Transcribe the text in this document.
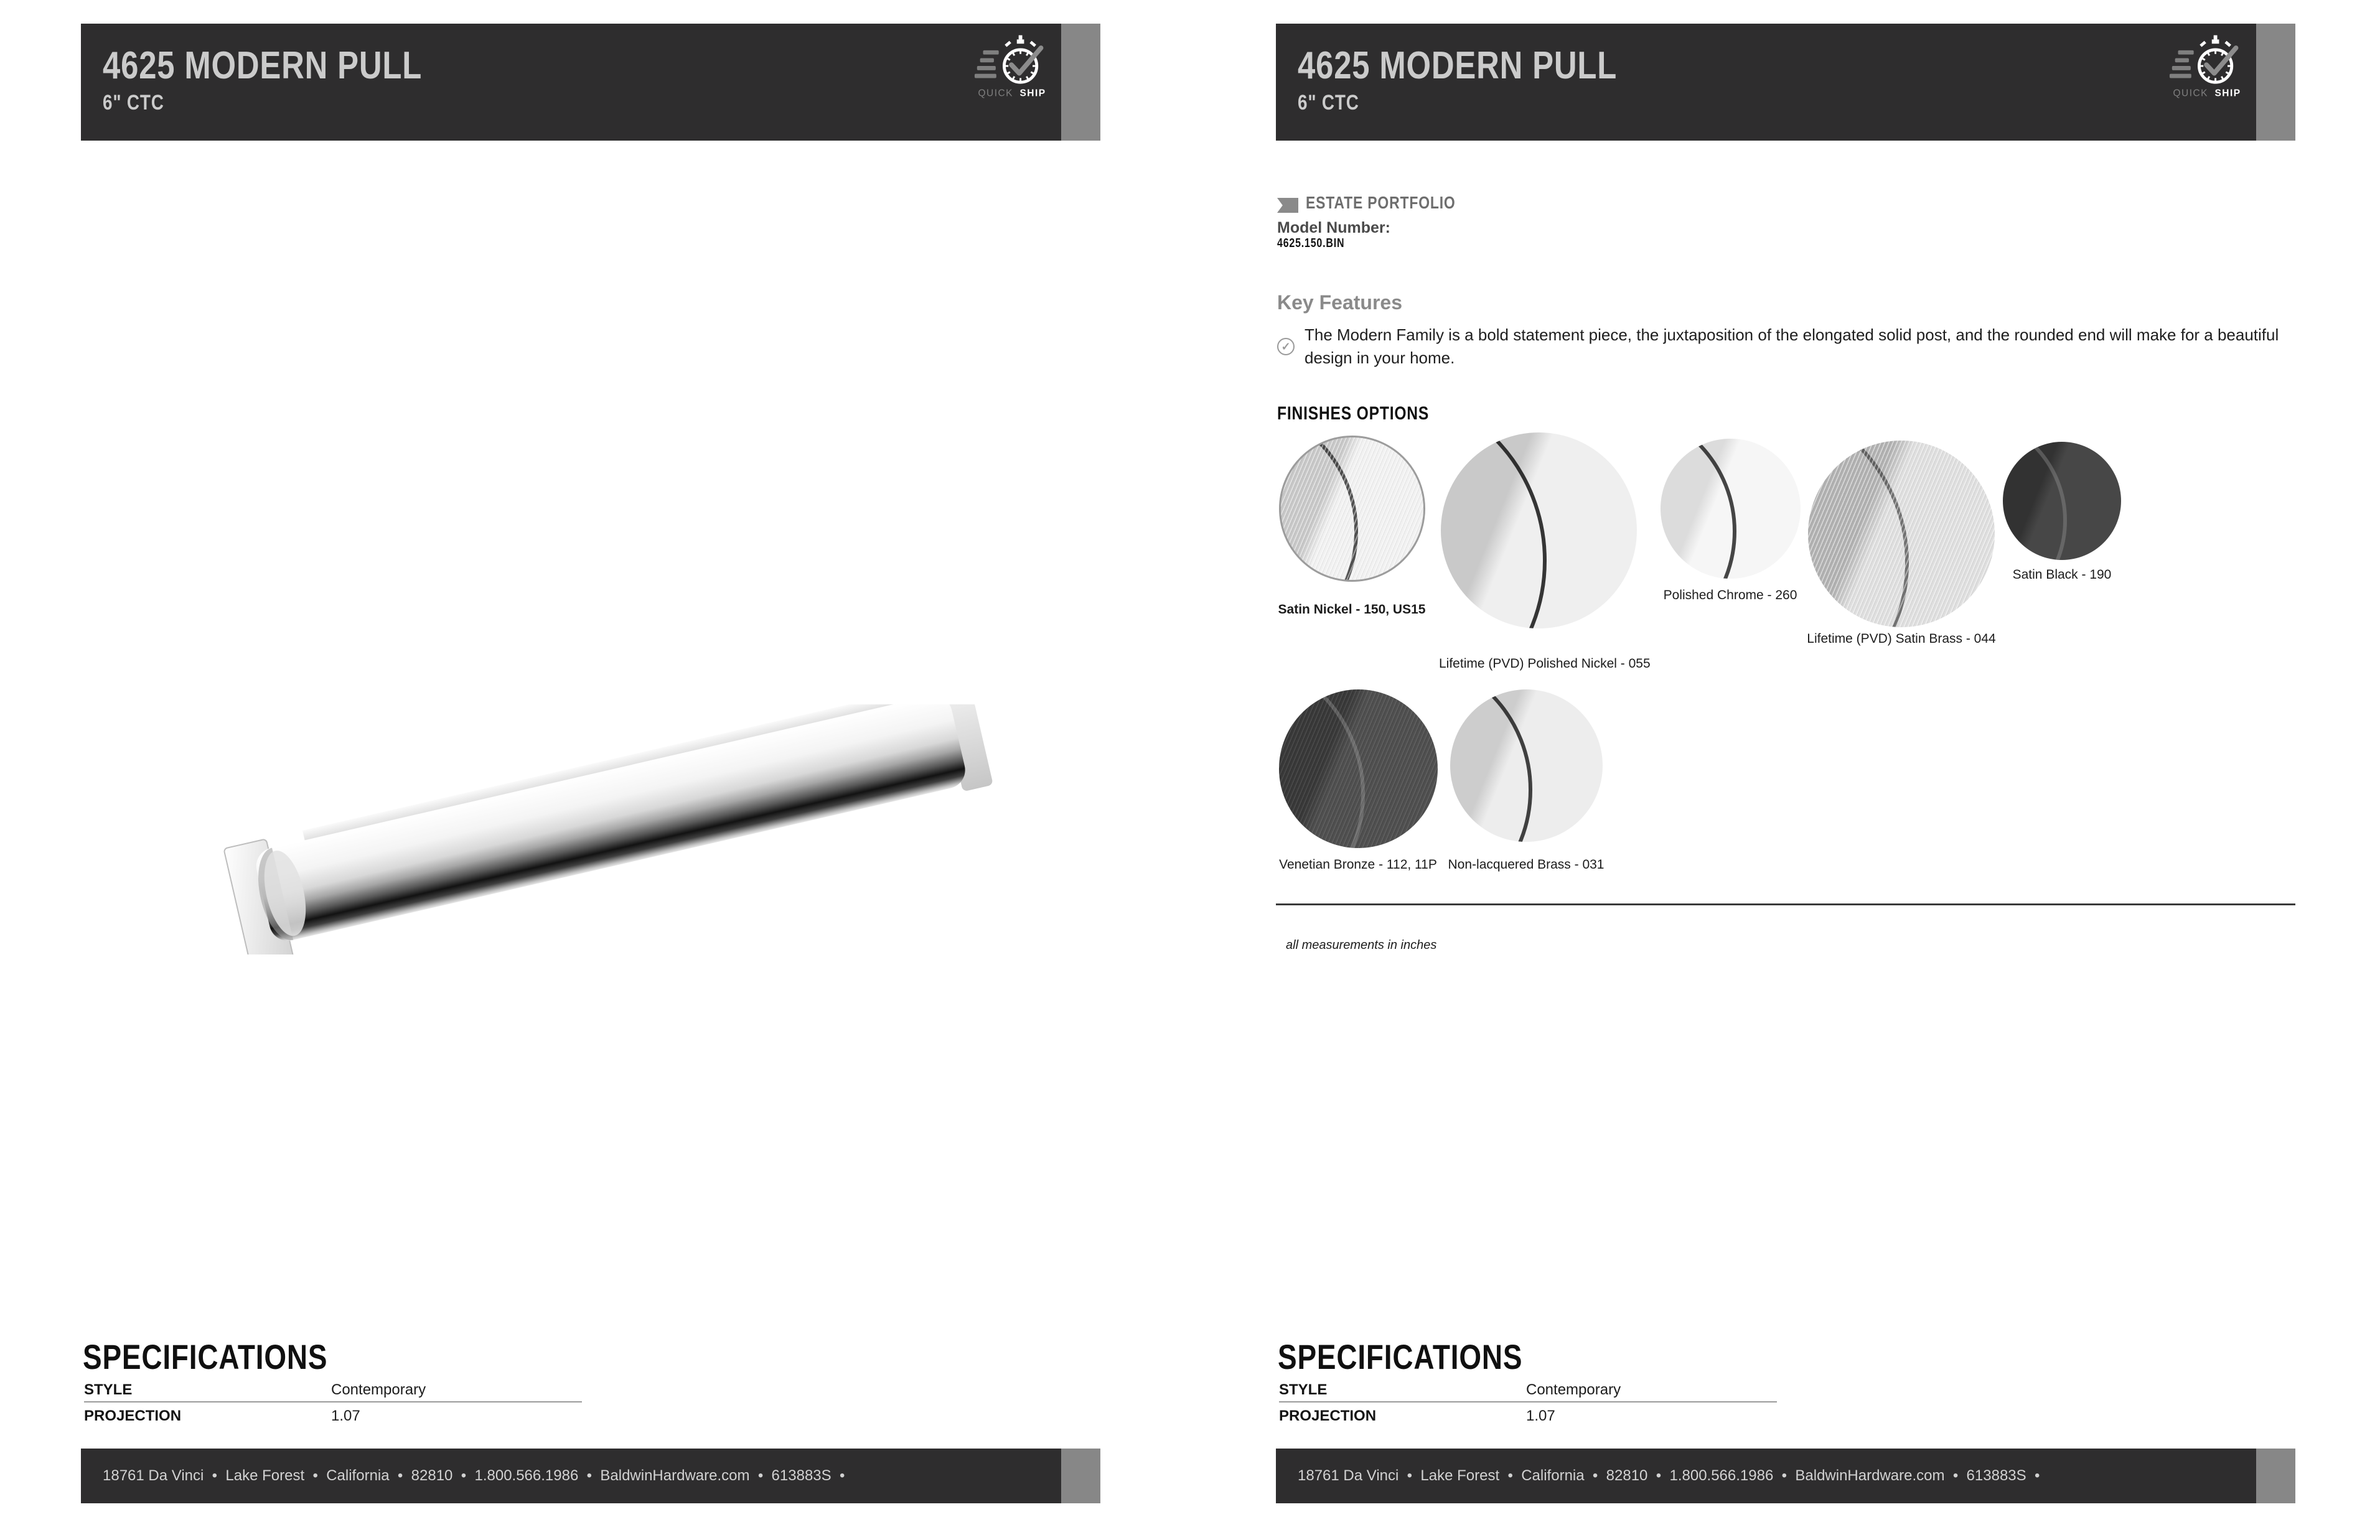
4625 MODERN PULL
6" CTC	QUICK SHIP
SPECIFICATIONS
STYLE	Contemporary
PROJECTION	1.07
18761 Da Vinci  •  Lake Forest  •  California  •  82810  •  1.800.566.1986  •  BaldwinHardware.com  •  613883S  •
4625 MODERN PULL
6" CTC	QUICK SHIP
ESTATE PORTFOLIO
Model Number:
4625.150.BIN
Key Features
✓
The Modern Family is a bold statement piece, the juxtaposition of the elongated solid post, and the rounded end will make for a beautiful design in your home.
FINISHES OPTIONS
Satin Nickel - 150, US15
Lifetime (PVD) Polished Nickel - 055
Polished Chrome - 260
Lifetime (PVD) Satin Brass - 044
Satin Black - 190
Venetian Bronze - 112, 11P Non-lacquered Brass - 031
all measurements in inches
SPECIFICATIONS
STYLE	Contemporary
PROJECTION	1.07
18761 Da Vinci  •  Lake Forest  •  California  •  82810  •  1.800.566.1986  •  BaldwinHardware.com  •  613883S  •
